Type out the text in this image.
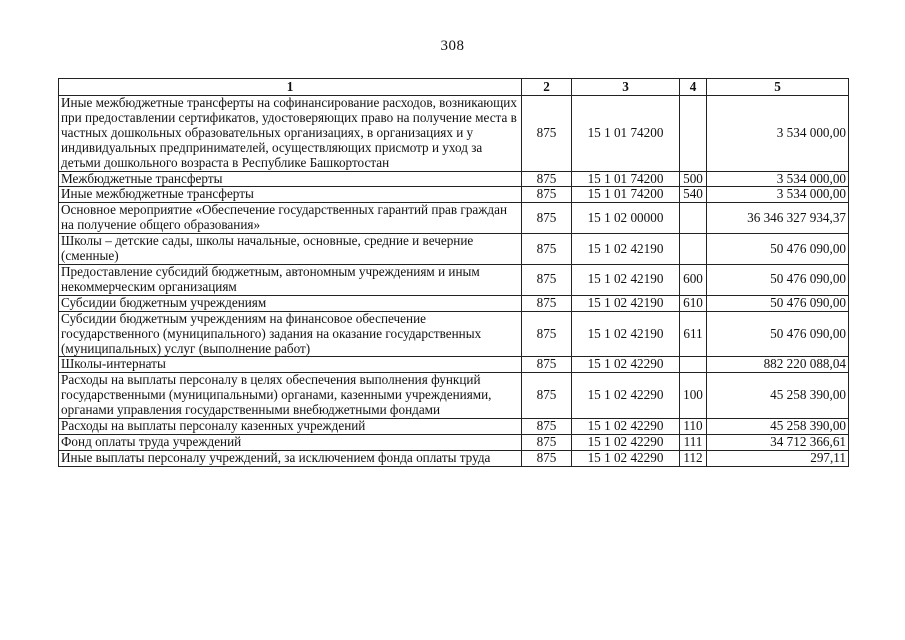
308
1	2	3	4	5
Иные межбюджетные трансферты на софинансирование расходов, возникающих при предоставлении сертификатов, удостоверяющих право на получение места в частных дошкольных образовательных организациях, в организациях и у индивидуальных предпринимателей, осуществляющих присмотр и уход за детьми дошкольного возраста в Республике Башкортостан	875	15 1 01 74200		3 534 000,00
Межбюджетные трансферты	875	15 1 01 74200	500	3 534 000,00
Иные межбюджетные трансферты	875	15 1 01 74200	540	3 534 000,00
Основное мероприятие «Обеспечение государственных гарантий прав граждан на получение общего образования»	875	15 1 02 00000		36 346 327 934,37
Школы – детские сады, школы начальные, основные, средние и вечерние (сменные)	875	15 1 02 42190		50 476 090,00
Предоставление субсидий бюджетным, автономным учреждениям и иным некоммерческим организациям	875	15 1 02 42190	600	50 476 090,00
Субсидии бюджетным учреждениям	875	15 1 02 42190	610	50 476 090,00
Субсидии бюджетным учреждениям на финансовое обеспечение государственного (муниципального) задания на оказание государственных (муниципальных) услуг (выполнение работ)	875	15 1 02 42190	611	50 476 090,00
Школы-интернаты	875	15 1 02 42290		882 220 088,04
Расходы на выплаты персоналу в целях обеспечения выполнения функций государственными (муниципальными) органами, казенными учреждениями, органами управления государственными внебюджетными фондами	875	15 1 02 42290	100	45 258 390,00
Расходы на выплаты персоналу казенных учреждений	875	15 1 02 42290	110	45 258 390,00
Фонд оплаты труда учреждений	875	15 1 02 42290	111	34 712 366,61
Иные выплаты персоналу учреждений, за исключением фонда оплаты труда	875	15 1 02 42290	112	297,11
